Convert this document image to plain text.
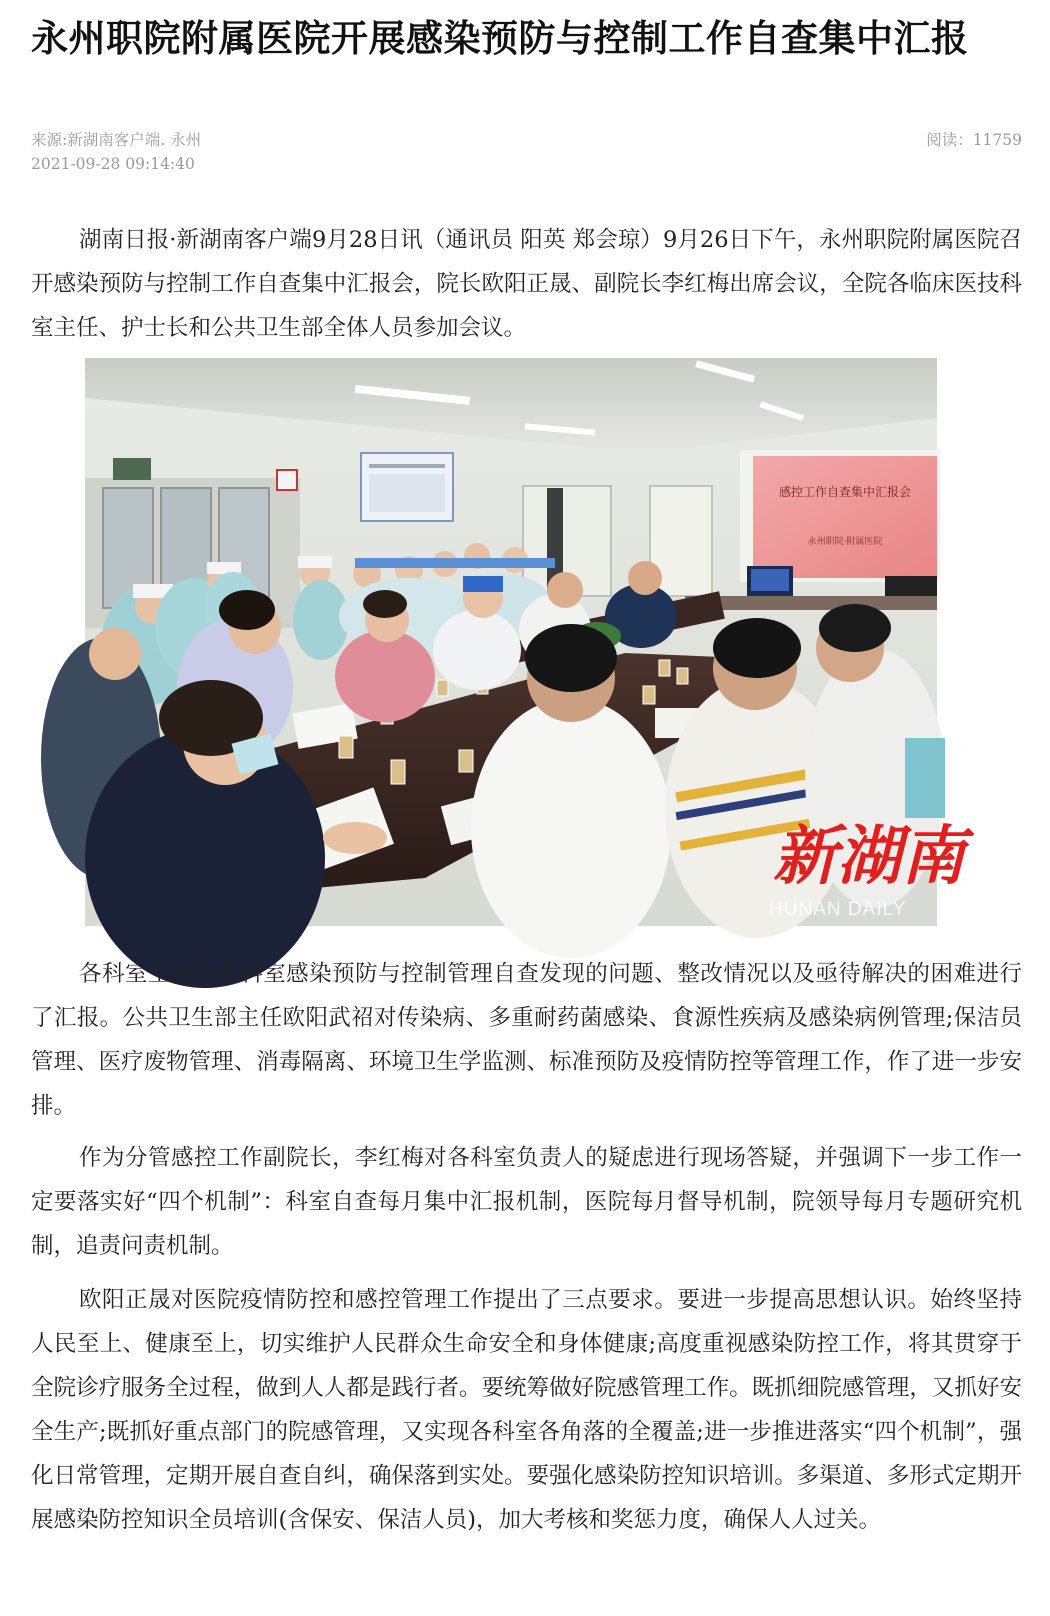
永州职院附属医院开展感染预防与控制工作自查集中汇报
来源:新湖南客户端. 永州	阅读：11759
2021-09-28 09:14:40

湖南日报·新湖南客户端9月28日讯（通讯员 阳英 郑会琼）9月26日下午，永州职院附属医院召开感染预防与控制工作自查集中汇报会，院长欧阳正晟、副院长李红梅出席会议，全院各临床医技科室主任、护士长和公共卫生部全体人员参加会议。

感控工作自查集中汇报会
永州职院·附属医院
新湖南
HUNAN DAILY

各科室主任对本科室感染预防与控制管理自查发现的问题、整改情况以及亟待解决的困难进行了汇报。公共卫生部主任欧阳武祒对传染病、多重耐药菌感染、食源性疾病及感染病例管理;保洁员管理、医疗废物管理、消毒隔离、环境卫生学监测、标准预防及疫情防控等管理工作，作了进一步安排。

作为分管感控工作副院长，李红梅对各科室负责人的疑虑进行现场答疑，并强调下一步工作一定要落实好“四个机制”：科室自查每月集中汇报机制，医院每月督导机制，院领导每月专题研究机制，追责问责机制。

欧阳正晟对医院疫情防控和感控管理工作提出了三点要求。要进一步提高思想认识。始终坚持人民至上、健康至上，切实维护人民群众生命安全和身体健康;高度重视感染防控工作，将其贯穿于全院诊疗服务全过程，做到人人都是践行者。要统筹做好院感管理工作。既抓细院感管理，又抓好安全生产;既抓好重点部门的院感管理，又实现各科室各角落的全覆盖;进一步推进落实“四个机制”，强化日常管理，定期开展自查自纠，确保落到实处。要强化感染防控知识培训。多渠道、多形式定期开展感染防控知识全员培训(含保安、保洁人员)，加大考核和奖惩力度，确保人人过关。
